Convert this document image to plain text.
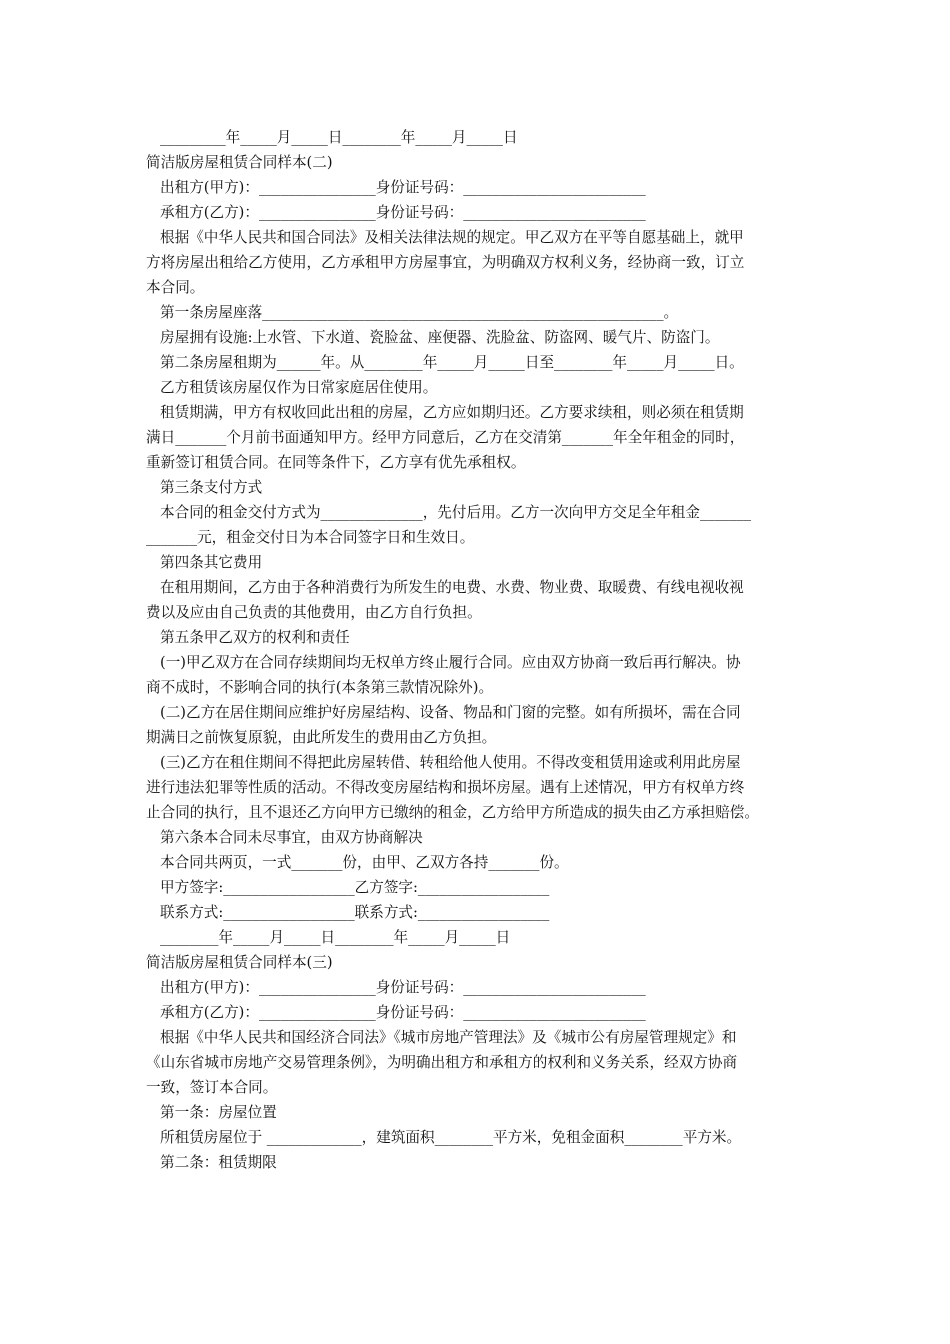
_________年_____月_____日________年_____月_____日

简洁版房屋租赁合同样本(二)

出租方(甲方)：________________身份证号码：_________________________

承租方(乙方)：________________身份证号码：_________________________

根据《中华人民共和国合同法》及相关法律法规的规定。甲乙双方在平等自愿基础上，就甲

方将房屋出租给乙方使用，乙方承租甲方房屋事宜，为明确双方权利义务，经协商一致，订立

本合同。

第一条房屋座落_______________________________________________________。

房屋拥有设施:上水管、下水道、瓷脸盆、座便器、洗脸盆、防盗网、暖气片、防盗门。

第二条房屋租期为______年。从________年_____月_____日至________年_____月_____日。

乙方租赁该房屋仅作为日常家庭居住使用。

租赁期满，甲方有权收回此出租的房屋，乙方应如期归还。乙方要求续租，则必须在租赁期

满日_______个月前书面通知甲方。经甲方同意后，乙方在交清第_______年全年租金的同时，

重新签订租赁合同。在同等条件下，乙方享有优先承租权。

第三条支付方式

本合同的租金交付方式为______________，先付后用。乙方一次向甲方交足全年租金_______

_______元，租金交付日为本合同签字日和生效日。

第四条其它费用

在租用期间，乙方由于各种消费行为所发生的电费、水费、物业费、取暖费、有线电视收视

费以及应由自己负责的其他费用，由乙方自行负担。

第五条甲乙双方的权利和责任

(一)甲乙双方在合同存续期间均无权单方终止履行合同。应由双方协商一致后再行解决。协

商不成时，不影响合同的执行(本条第三款情况除外)。

(二)乙方在居住期间应维护好房屋结构、设备、物品和门窗的完整。如有所损坏，需在合同

期满日之前恢复原貌，由此所发生的费用由乙方负担。

(三)乙方在租住期间不得把此房屋转借、转租给他人使用。不得改变租赁用途或利用此房屋

进行违法犯罪等性质的活动。不得改变房屋结构和损坏房屋。遇有上述情况，甲方有权单方终

止合同的执行，且不退还乙方向甲方已缴纳的租金，乙方给甲方所造成的损失由乙方承担赔偿。

第六条本合同未尽事宜，由双方协商解决

本合同共两页，一式_______份，由甲、乙双方各持_______份。

甲方签字:__________________乙方签字:__________________

联系方式:__________________联系方式:__________________

________年_____月_____日________年_____月_____日

简洁版房屋租赁合同样本(三)

出租方(甲方)：________________身份证号码：_________________________

承租方(乙方)：________________身份证号码：_________________________

根据《中华人民共和国经济合同法》《城市房地产管理法》及《城市公有房屋管理规定》和

《山东省城市房地产交易管理条例》，为明确出租方和承租方的权利和义务关系，经双方协商

一致，签订本合同。

第一条：房屋位置

所租赁房屋位于 _____________，建筑面积________平方米，免租金面积________平方米。

第二条：租赁期限
